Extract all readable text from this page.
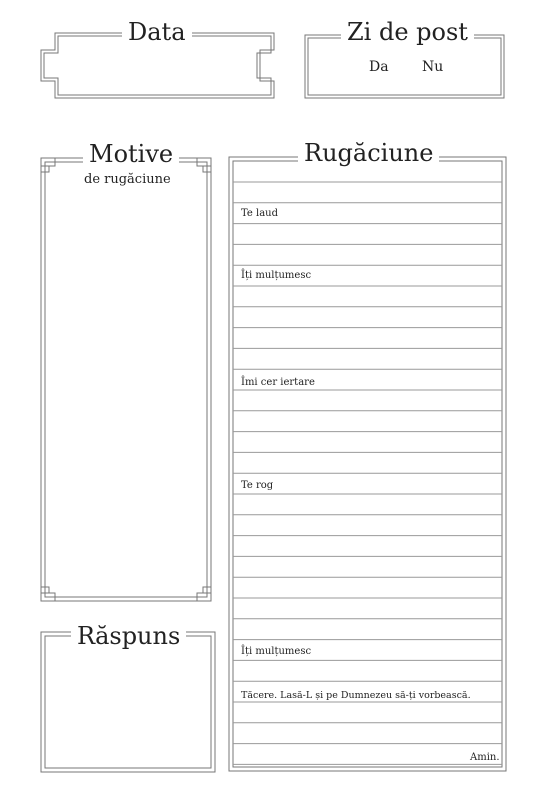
Data	Zi de post
Da Nu
Motive
de rugăciune
Răspuns
Rugăciune
Te laud
Îți mulțumesc
Îmi cer iertare
Te rog
Îți mulțumesc
Tăcere. Lasă-L și pe Dumnezeu să-ți vorbească.
Amin.
